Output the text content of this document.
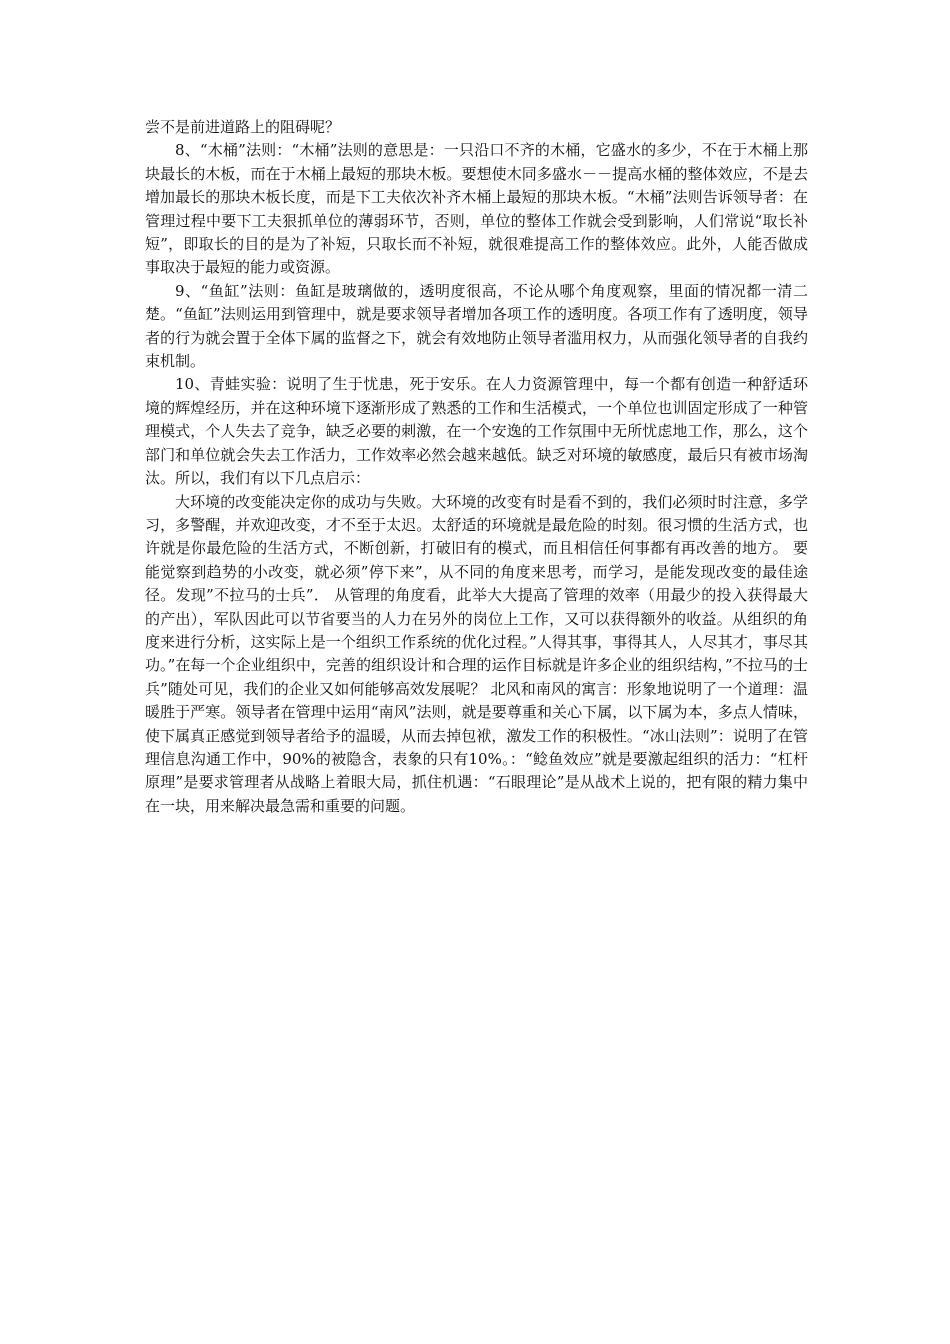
尝不是前进道路上的阻碍呢？

8、“木桶”法则：“木桶”法则的意思是：一只沿口不齐的木桶，它盛水的多少，不在于木桶上那块最长的木板，而在于木桶上最短的那块木板。要想使木同多盛水－－提高水桶的整体效应，不是去增加最长的那块木板长度，而是下工夫依次补齐木桶上最短的那块木板。“木桶”法则告诉领导者：在管理过程中要下工夫狠抓单位的薄弱环节，否则，单位的整体工作就会受到影响，人们常说“取长补短”，即取长的目的是为了补短，只取长而不补短，就很难提高工作的整体效应。此外，人能否做成事取决于最短的能力或资源。

9、“鱼缸”法则：鱼缸是玻璃做的，透明度很高，不论从哪个角度观察，里面的情况都一清二楚。“鱼缸”法则运用到管理中，就是要求领导者增加各项工作的透明度。各项工作有了透明度，领导者的行为就会置于全体下属的监督之下，就会有效地防止领导者滥用权力，从而强化领导者的自我约束机制。

10、青蛙实验：说明了生于忧患，死于安乐。在人力资源管理中，每一个都有创造一种舒适环境的辉煌经历，并在这种环境下逐渐形成了熟悉的工作和生活模式，一个单位也训固定形成了一种管理模式，个人失去了竞争，缺乏必要的刺激，在一个安逸的工作氛围中无所忧虑地工作，那么，这个部门和单位就会失去工作活力，工作效率必然会越来越低。缺乏对环境的敏感度，最后只有被市场淘汰。所以，我们有以下几点启示：

大环境的改变能决定你的成功与失败。大环境的改变有时是看不到的，我们必须时时注意，多学习，多警醒，并欢迎改变，才不至于太迟。太舒适的环境就是最危险的时刻。很习惯的生活方式，也许就是你最危险的生活方式，不断创新，打破旧有的模式，而且相信任何事都有再改善的地方。 要能觉察到趋势的小改变，就必须”停下来”，从不同的角度来思考，而学习，是能发现改变的最佳途径。发现”不拉马的士兵”． 从管理的角度看，此举大大提高了管理的效率（用最少的投入获得最大的产出），军队因此可以节省要当的人力在另外的岗位上工作，又可以获得额外的收益。从组织的角度来进行分析，这实际上是一个组织工作系统的优化过程。”人得其事，事得其人，人尽其才，事尽其功。”在每一个企业组织中，完善的组织设计和合理的运作目标就是许多企业的组织结构，”不拉马的士兵”随处可见，我们的企业又如何能够高效发展呢？ 北风和南风的寓言：形象地说明了一个道理：温暖胜于严寒。领导者在管理中运用“南风”法则，就是要尊重和关心下属，以下属为本，多点人情味，使下属真正感觉到领导者给予的温暖，从而去掉包袱，激发工作的积极性。“冰山法则”：说明了在管理信息沟通工作中，90%的被隐含，表象的只有10%。：“鲶鱼效应”就是要激起组织的活力：“杠杆原理”是要求管理者从战略上着眼大局，抓住机遇：“石眼理论”是从战术上说的，把有限的精力集中在一块，用来解决最急需和重要的问题。
